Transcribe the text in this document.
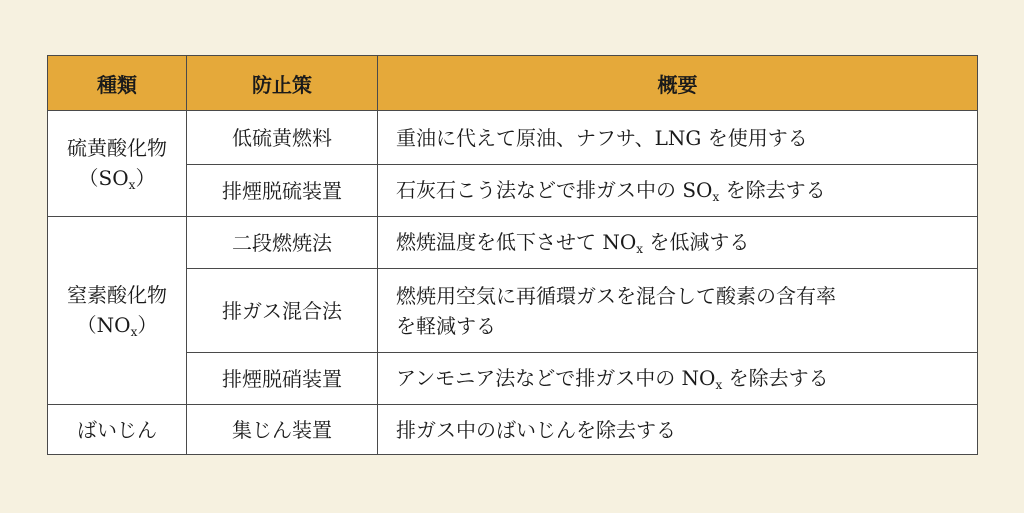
種類	防止策	概要

硫黄酸化物
$(SO_x)$	低硫黄燃料	重油に代えて原油、ナフサ、LNG を使用する
	排煙脱硫装置	石灰石こう法などで排ガス中の $SO_x$ を除去する

窒素酸化物
$(NO_x)$	二段燃焼法	燃焼温度を低下させて $NO_x$ を低減する
	排ガス混合法	燃焼用空気に再循環ガスを混合して酸素の含有率
を軽減する

	排煙脱硝装置	アンモニア法などで排ガス中の $NO_x$ を除去する
ばいじん	集じん装置	排ガス中のばいじんを除去する
